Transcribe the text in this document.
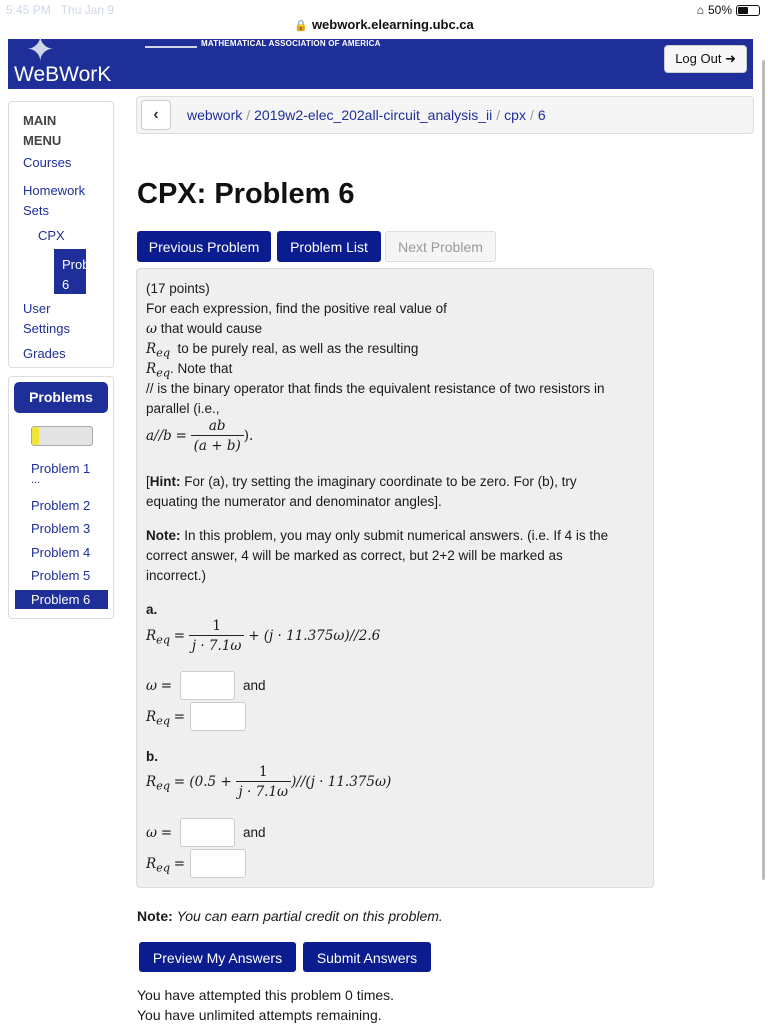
5:45 PM Thu Jan 9	⌂ 50%
🔒 webwork.elearning.ubc.ca
MATHEMATICAL ASSOCIATION OF AMERICA
✦
WeBWorK
Log Out ➜
MAIN
MENU
Courses
Homework
Sets
CPX
Probl
6
User
Settings
Grades
Problems
Problem 1
...
Problem 2
Problem 3
Problem 4
Problem 5
Problem 6
‹	webwork / 2019w2-elec_202all-circuit_analysis_ii / cpx / 6
CPX: Problem 6
Previous Problem	Problem List	Next Problem
(17 points)
For each expression, find the positive real value of
ω that would cause
$R_{eq}$ to be purely real, as well as the resulting
$R_{eq}$. Note that
// is the binary operator that finds the equivalent resistance of two resistors in
parallel (i.e.,
$a//b = \frac{ab}{(a + b)}$ ).
[Hint: For (a), try setting the imaginary coordinate to be zero. For (b), try
equating the numerator and denominator angles].
Note: In this problem, you may only submit numerical answers. (i.e. If 4 is the
correct answer, 4 will be marked as correct, but 2+2 will be marked as
incorrect.)
a.
$R_{eq} = \frac{1}{j \cdot 7.1\omega} + (j \cdot 11.375\omega)//2.6$
ω =	and
$R_{eq}$ =
b.
$R_{eq} = (0.5 + \frac{1}{j \cdot 7.1\omega} )//(j \cdot 11.375\omega)$
ω =	and
$R_{eq}$ =
Note: You can earn partial credit on this problem.
Preview My Answers	Submit Answers
You have attempted this problem 0 times.
You have unlimited attempts remaining.
